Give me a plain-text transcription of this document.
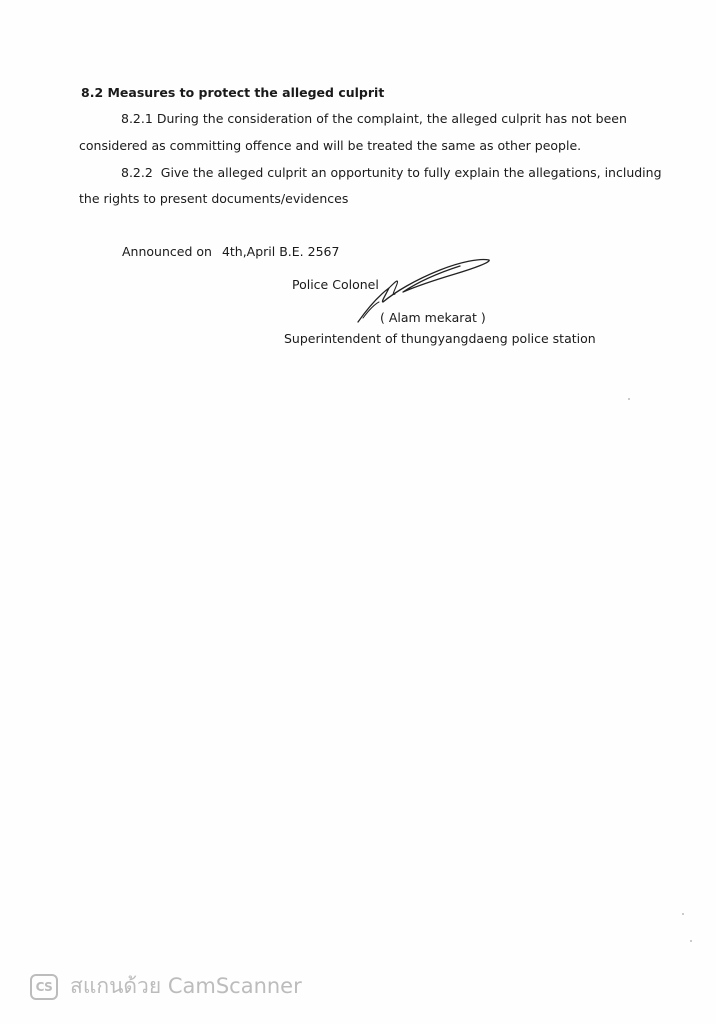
8.2 Measures to protect the alleged culprit
8.2.1 During the consideration of the complaint, the alleged culprit has not been
considered as committing offence and will be treated the same as other people.
8.2.2  Give the alleged culprit an opportunity to fully explain the allegations, including
the rights to present documents/evidences
Announced on 4th,April B.E. 2567
Police Colonel
( Alam mekarat )
Superintendent of thungyangdaeng police station
CS สแกนด้วย CamScanner
